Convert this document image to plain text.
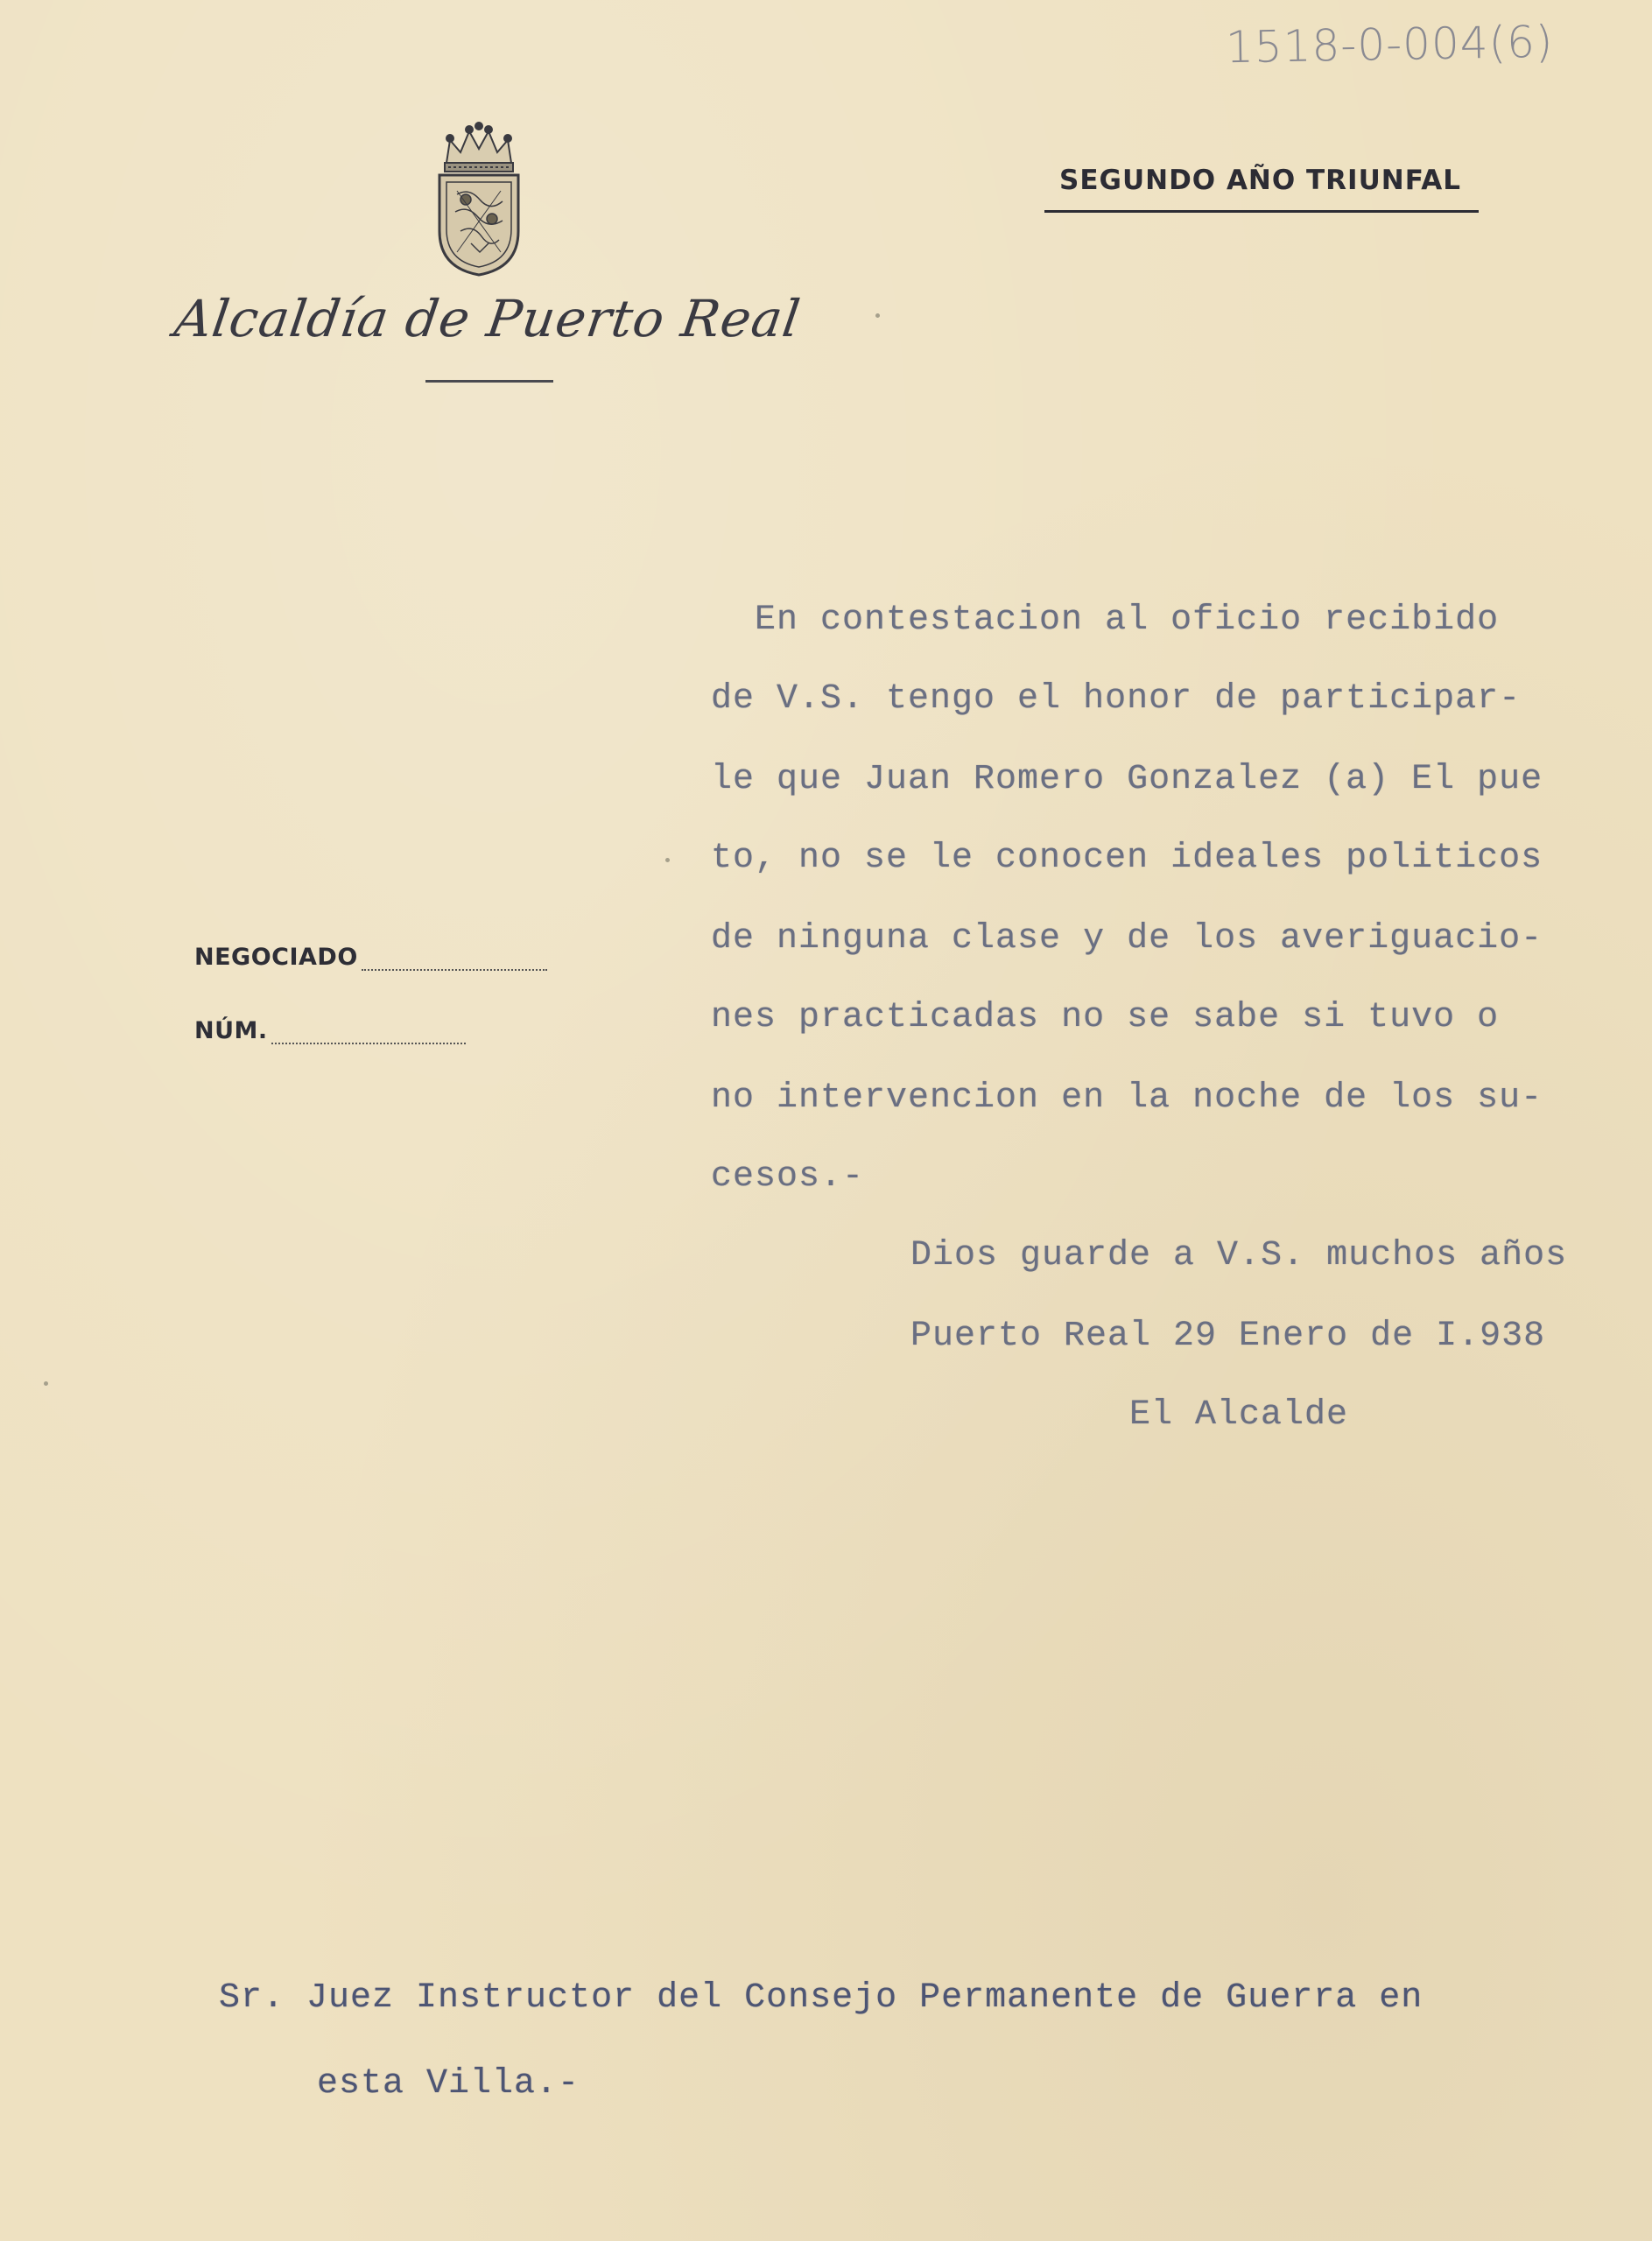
1518-0-004(6)
Alcaldía de Puerto Real
SEGUNDO AÑO TRIUNFAL
NEGOCIADO
NÚM.
En contestacion al oficio recibido
de V.S. tengo el honor de participar-
le que Juan Romero Gonzalez (a) El pue
to, no se le conocen ideales politicos
de ninguna clase y de los averiguacio-
nes practicadas no se sabe si tuvo o
no intervencion en la noche de los su-
cesos.-
Dios guarde a V.S. muchos años
Puerto Real 29 Enero de I.938
El Alcalde
Sr. Juez Instructor del Consejo Permanente de Guerra en
esta Villa.-
